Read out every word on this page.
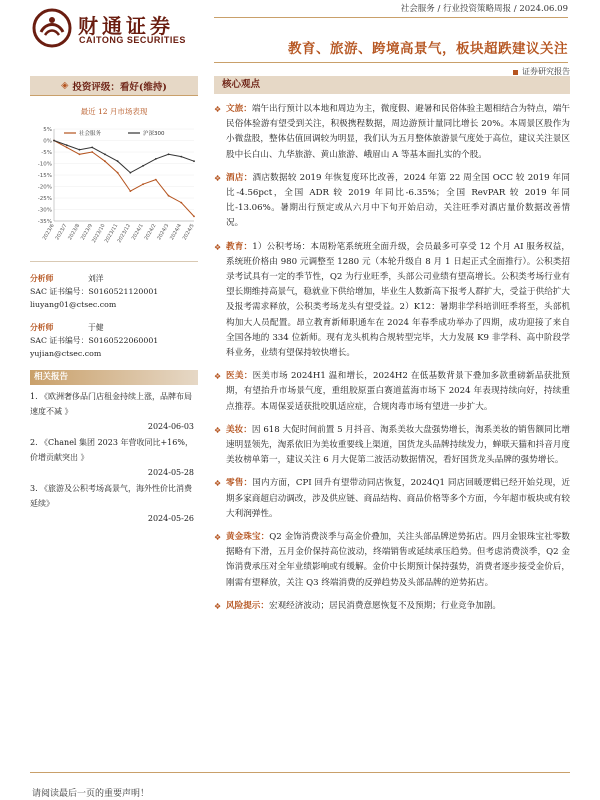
财通证券
CAITONG SECURITIES
社会服务 / 行业投资策略周报 / 2024.06.09
教育、旅游、跨境高景气，板块超跌建议关注
证券研究报告
◈ 投资评级：看好(维持)
最近 12 月市场表现
5%
0%
-5%
-10%
-15%
-20%
-25%
-30%
-35%
2023/6
2023/7
2023/8
2023/9
2023/10
2023/11
2023/12
2024/1
2024/2
2024/3
2024/4
2024/5
社会服务	沪深300
分析师	刘洋
SAC 证书编号：S0160521120001
liuyang01@ctsec.com
分析师	于健
SAC 证书编号：S0160522060001
yujian@ctsec.com
相关报告
1. 《欧洲奢侈品门店租金持续上涨，品牌布局速度不减 》
2024-06-03
2. 《Chanel 集团 2023 年营收同比+16%，价增贡献突出 》
2024-05-28
3. 《旅游及公积考场高景气，海外性价比消费延续》
2024-05-26
核心观点
❖ 文旅：端午出行预计以本地和周边为主，微度假、避暑和民俗体验主题相结合为特点，端午民俗体验游有望受到关注，积极携程数据，周边游预计量同比增长 20%。本周景区股作为小微盘股，整体估值回调较为明显，我们认为五月整体旅游景气度处于高位，建议关注景区股中长白山、九华旅游、黄山旅游、峨眉山 A 等基本面扎实的个股。
❖ 酒店：酒店数据较 2019 年恢复度环比改善，2024 年第 22 周全国 OCC 较 2019 年同比-4.56pct，全国 ADR 较 2019 年同比-6.35%；全国 RevPAR 较 2019 年同比-13.06%。暑期出行预定或从六月中下旬开始启动，关注旺季对酒店量价数据改善情况。
❖ 教育：1）公积考场：本周粉笔系统班全面升级，会员最多可享受 12 个月 AI 服务权益，系统班价格由 980 元调整至 1280 元（本轮升级自 8 月 1 日起正式全面推行）。公积类招录考试具有一定的季节性，Q2 为行业旺季，头部公司业绩有望高增长。公积类考场行业有望长期维持高景气，稳就业下供给增加，毕业生人数新高下报考人群扩大，受益于供给扩大及报考需求释放，公积类考场龙头有望受益。2）K12：暑期非学科培训旺季将至，头部机构加大人员配置。昂立教育新师职通车在 2024 年春季成功举办了四期，成功迎接了来自全国各地的 334 位新师。现有龙头机构合规转型完毕，大力发展 K9 非学科、高中阶段学科业务，业绩有望保持较快增长。
❖ 医美：医美市场 2024H1 温和增长，2024H2 在低基数背景下叠加多款重磅新品获批预期，有望抬升市场景气度，重组胶原蛋白赛道蓝海市场下 2024 年表现持续向好，持续重点推荐。本周保妥适获批咬肌适应症，合规肉毒市场有望进一步扩大。
❖ 美妆：因 618 大促时间前置 5 月抖音、淘系美妆大盘强势增长，淘系美妆的销售额同比增速明显领先，淘系依旧为美妆重要线上渠道，国货龙头品牌持续发力，蝉联天猫和抖音月度美妆榜单第一，建议关注 6 月大促第二波活动数据情况，看好国货龙头品牌的强势增长。
❖ 零售：国内方面，CPI 回升有望带动同店恢复，2024Q1 同店回暖逻辑已经开始兑现，近期多家商超启动调改，涉及供应链、商品结构、商品价格等多个方面，今年超市板块或有较大利润弹性。
❖ 黄金珠宝：Q2 金饰消费淡季与高金价叠加，关注头部品牌逆势拓店。四月金银珠宝社零数据略有下滑，五月金价保持高位波动，终端销售或延续承压趋势。但考虑消费淡季，Q2 金饰消费承压对全年业绩影响或有缓解。金价中长期预计保持强势，消费者逐步接受金价后，刚需有望释放，关注 Q3 终端消费的反弹趋势及头部品牌的逆势拓店。
❖ 风险提示：宏观经济波动；居民消费意愿恢复不及预期；行业竞争加剧。
请阅读最后一页的重要声明！
